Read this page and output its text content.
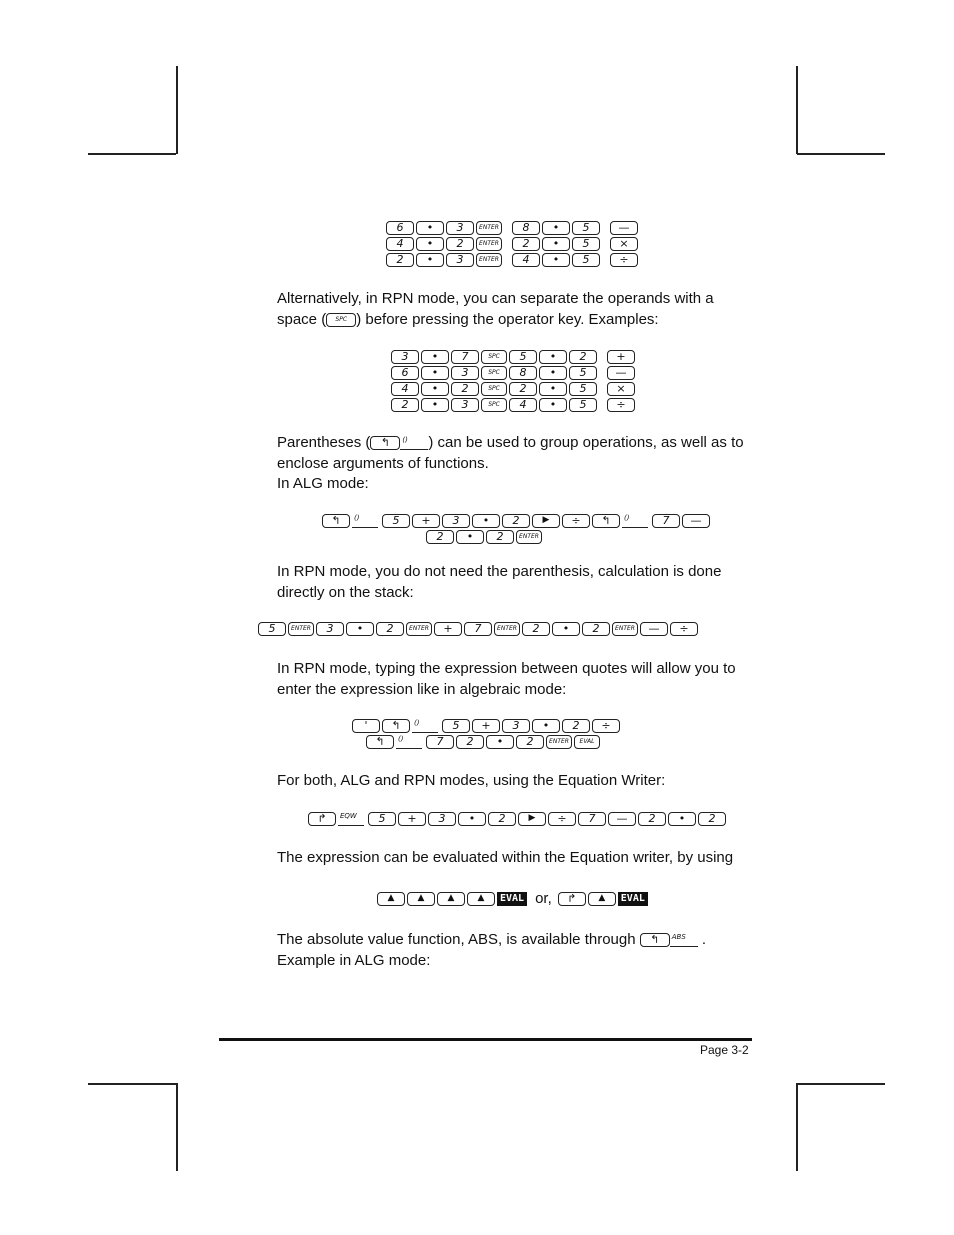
6 • 3	ENTER 8 • 5	—
4 • 2	ENTER 2 • 5	×
2 • 3	ENTER 4 • 5	÷

Alternatively, in RPN mode, you can separate the operands with a
space ( SPC ) before pressing the operator key. Examples:

3 • 7	SPC 5 • 2	+
6 • 3	SPC 8 • 5	—
4 • 2	SPC 2 • 5	×
2 • 3	SPC 4 • 5	÷

Parentheses ( ↰ () ) can be used to group operations, as well as to
enclose arguments of functions.
In ALG mode:

↰ ()	5 + 3 • 2	▶ ÷ ↰ ()	7 —
2 • 2	ENTER

In RPN mode, you do not need the parenthesis, calculation is done
directly on the stack:

5	ENTER 3 • 2	ENTER + 7	ENTER 2 • 2	ENTER — ÷

In RPN mode, typing the expression between quotes will allow you to
enter the expression like in algebraic mode:

' ↰ ()	5 + 3 • 2 ÷
↰ ()	7 2 • 2	ENTER EVAL

For both, ALG and RPN modes, using the Equation Writer:

↱ EQW 5 + 3 • 2	▶ ÷ 7 — 2 • 2

The expression can be evaluated within the Equation writer, by using

▲	▲	▲	▲ EVAL or, ↱ ▲ EVAL

The absolute value function, ABS, is available through ↰ ABS .
Example in ALG mode:

Page 3-2
